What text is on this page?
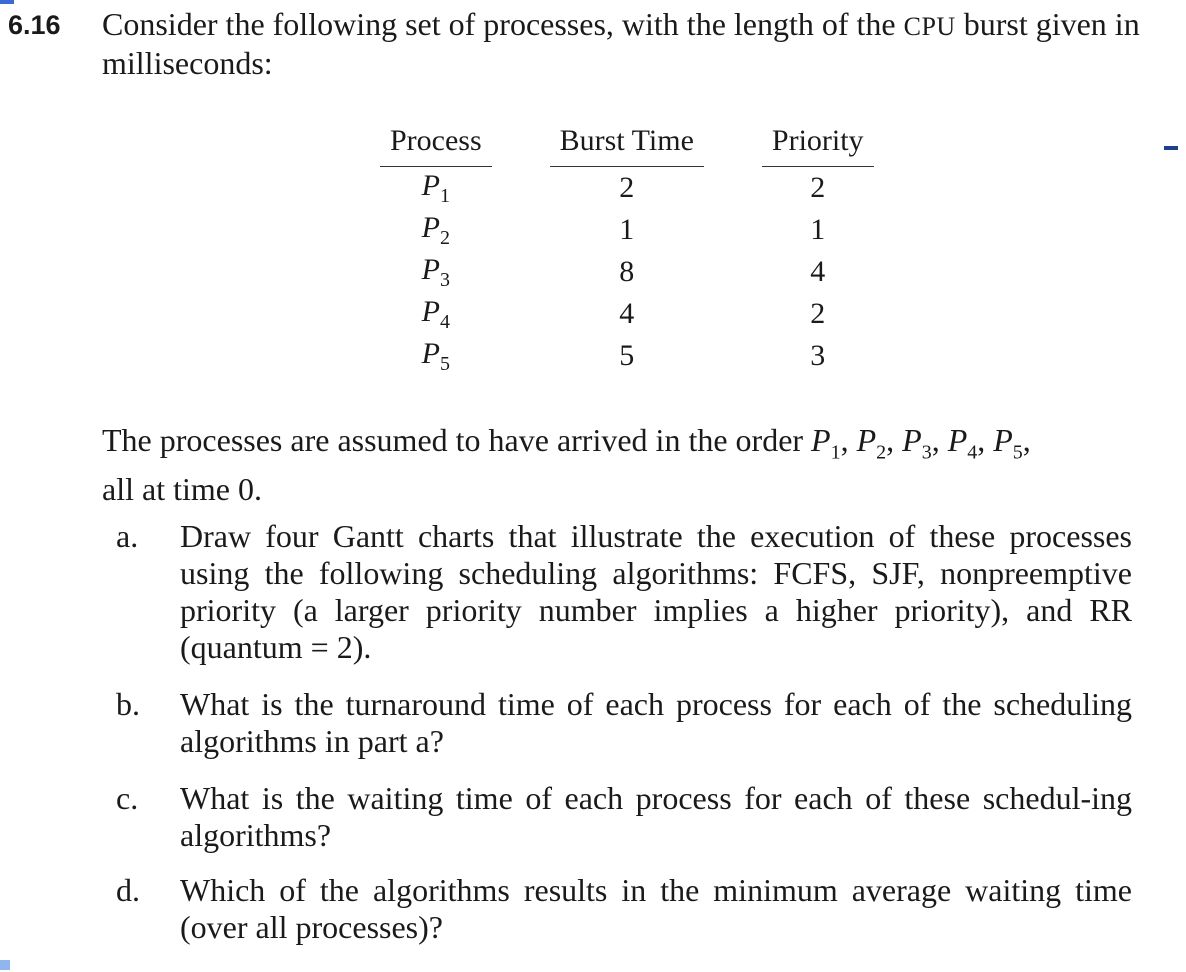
6.16 Consider the following set of processes, with the length of the CPU burst given in milliseconds:
Process		Burst Time		Priority
$P_1$		2		2
$P_2$		1		1
$P_3$		8		4
$P_4$		4		2
$P_5$		5		3
The processes are assumed to have arrived in the order $P_1$, $P_2$, $P_3$, $P_4$, $P_5$,
all at time 0.
a. Draw four Gantt charts that illustrate the execution of these processes using the following scheduling algorithms: FCFS, SJF, nonpreemptive priority (a larger priority number implies a higher priority), and RR (quantum = 2).
b. What is the turnaround time of each process for each of the scheduling algorithms in part a?
c. What is the waiting time of each process for each of these schedul-ing algorithms?
d. Which of the algorithms results in the minimum average waiting time (over all processes)?
